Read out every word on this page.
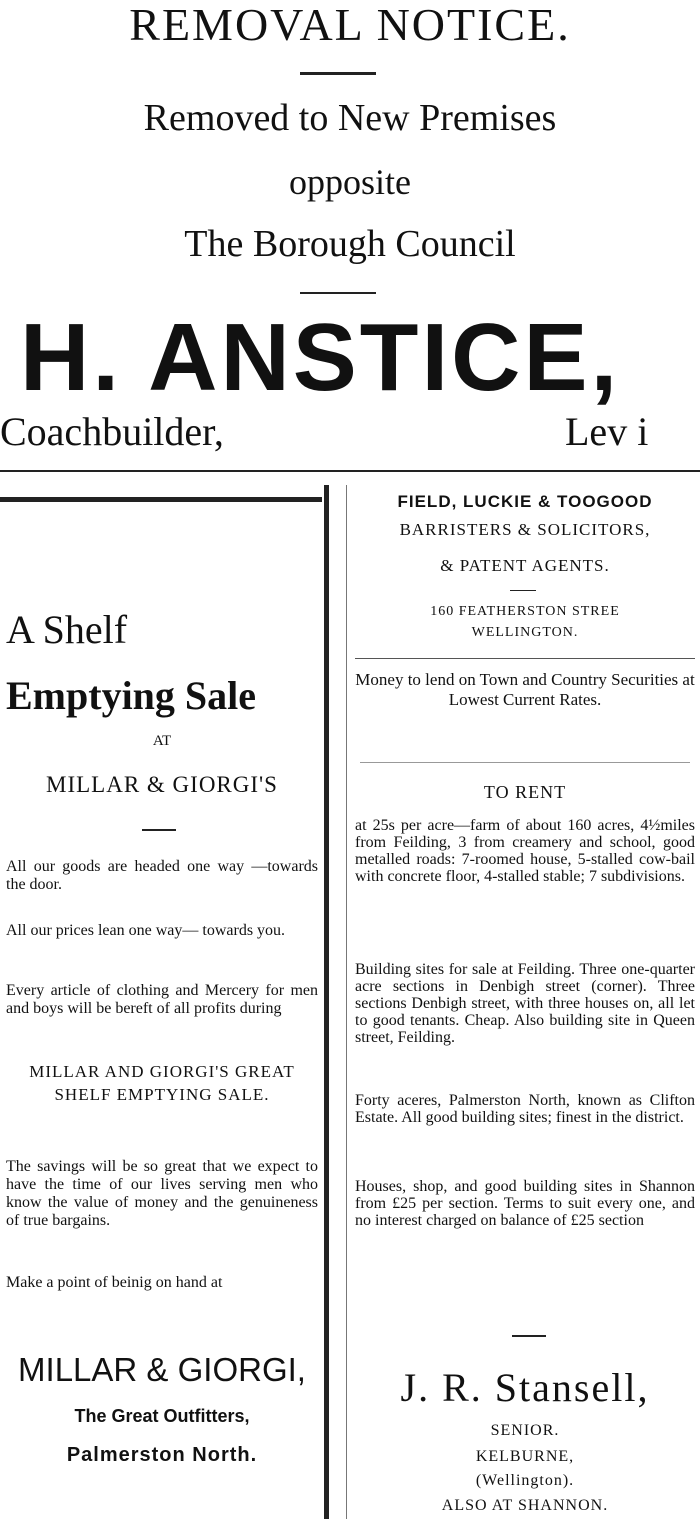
REMOVAL NOTICE.
Removed to New Premises
opposite
The Borough Council
H. ANSTICE,
Coachbuilder,	Lev i
A Shelf
Emptying Sale
AT
MILLAR & GIORGI'S
All our goods are headed one way —towards the door.
All our prices lean one way— towards you.
Every article of clothing and Mercery for men and boys will be bereft of all profits during
MILLAR AND GIORGI'S GREAT SHELF EMPTYING SALE.
The savings will be so great that we expect to have the time of our lives serving men who know the value of money and the genuineness of true bargains.
Make a point of beinig on hand at
MILLAR & GIORGI,
The Great Outfitters,
Palmerston North.
FIELD, LUCKIE & TOOGOOD
BARRISTERS & SOLICITORS,
& PATENT AGENTS.
160 FEATHERSTON STREE
WELLINGTON.
Money to lend on Town and Country Securities at Lowest Current Rates.
TO RENT
at 25s per acre—farm of about 160 acres, 4½miles from Feilding, 3 from creamery and school, good metalled roads: 7-roomed house, 5-stalled cow-bail with concrete floor, 4-stalled stable; 7 subdivisions.
Building sites for sale at Feilding. Three one-quarter acre sections in Denbigh street (corner). Three sections Denbigh street, with three houses on, all let to good tenants. Cheap. Also building site in Queen street, Feilding.
Forty aceres, Palmerston North, known as Clifton Estate. All good building sites; finest in the district.
Houses, shop, and good building sites in Shannon from £25 per section. Terms to suit every one, and no interest charged on balance of £25 section
J. R. Stansell,
SENIOR.
KELBURNE,
(Wellington).
ALSO AT SHANNON.
